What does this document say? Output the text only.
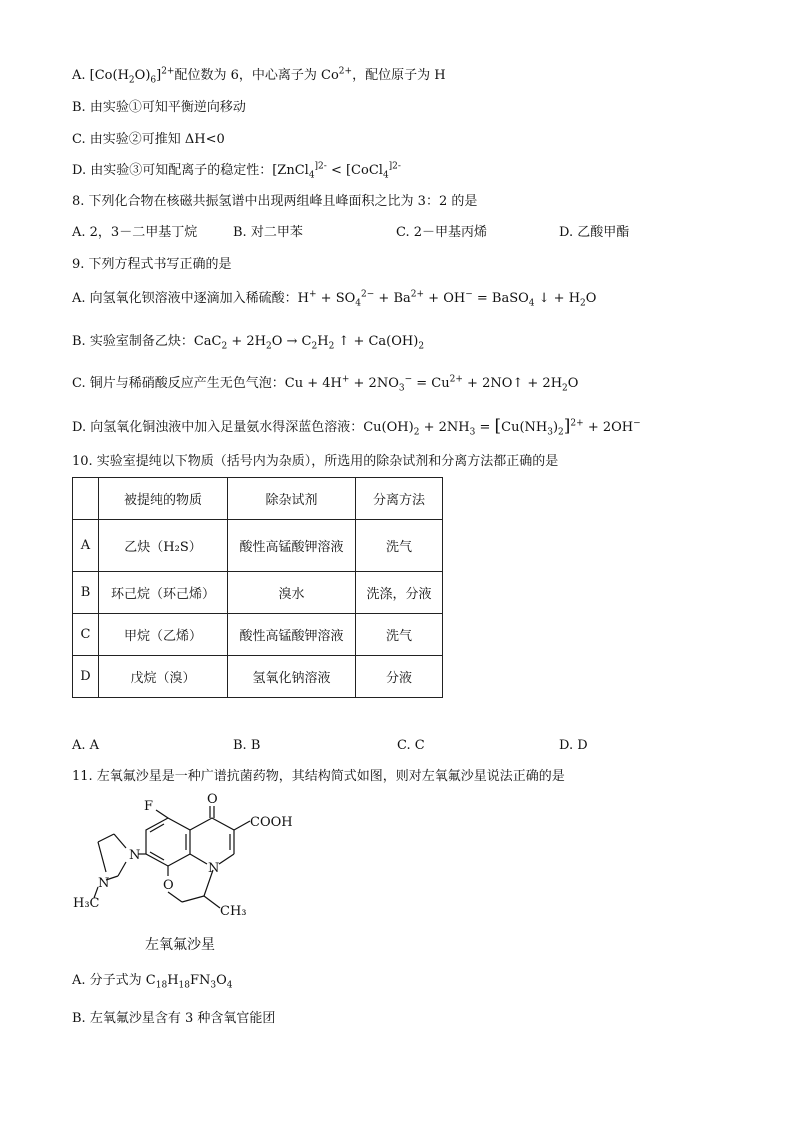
A. $[Co(H_2O)_6]^{2+}$配位数为 6，中心离子为 $Co^{2+}$，配位原子为 H
B. 由实验①可知平衡逆向移动
C. 由实验②可推知 ΔH<0
D. 由实验③可知配离子的稳定性：[ZnCl$_4^{]2-}$ < [CoCl$_4^{]2-}$
8. 下列化合物在核磁共振氢谱中出现两组峰且峰面积之比为 3：2 的是
A. 2，3－二甲基丁烷	B. 对二甲苯	C. 2－甲基丙烯	D. 乙酸甲酯
9. 下列方程式书写正确的是
A. 向氢氧化钡溶液中逐滴加入稀硫酸：$H^+ + SO_4^{2-} + Ba^{2+} + OH^-$ = BaSO$_4$ ↓ + $H_2O$
B. 实验室制备乙炔：$CaC_2 + 2H_2O \to C_2H_2$ ↑ + $Ca(OH)_2$
C. 铜片与稀硝酸反应产生无色气泡：$Cu + 4H^+ + 2NO_3^- = Cu^{2+}$ + 2NO↑ + $2H_2O$
D. 向氢氧化铜浊液中加入足量氨水得深蓝色溶液：$Cu(OH)_2 + 2NH_3 = [Cu(NH_3)_2]^{2+} + 2OH^-$
10. 实验室提纯以下物质（括号内为杂质），所选用的除杂试剂和分离方法都正确的是
	被提纯的物质	除杂试剂	分离方法
A	乙炔（H₂S）	酸性高锰酸钾溶液	洗气
B	环己烷（环己烯）	溴水	洗涤，分液
C	甲烷（乙烯）	酸性高锰酸钾溶液	洗气
D	戊烷（溴）	氢氧化钠溶液	分液
A. A	B. B	C. C	D. D
11. 左氧氟沙星是一种广谱抗菌药物，其结构简式如图，则对左氧氟沙星说法正确的是
O
COOH
F
N
N
N	O
H₃C
CH₃
左氧氟沙星
A. 分子式为 $C_{18}H_{18}FN_3O_4$
B. 左氧氟沙星含有 3 种含氧官能团
